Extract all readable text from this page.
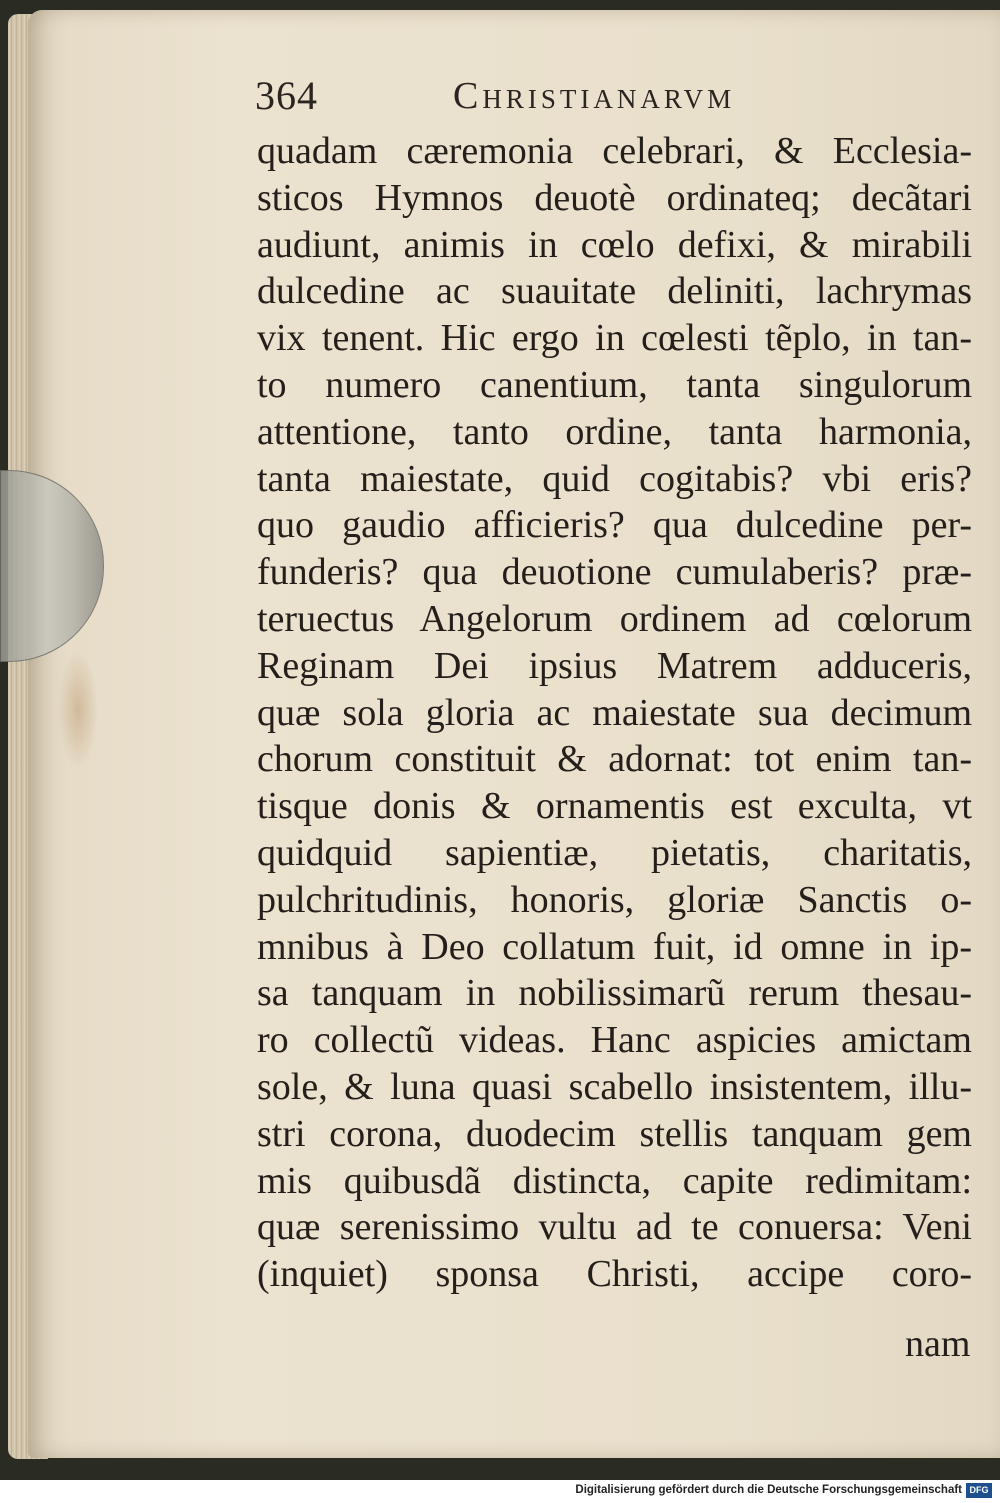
364	Christianarvm
quadam cæremonia celebrari, & Ecclesia-
sticos Hymnos deuotè ordinateq; decãtari
audiunt, animis in cœlo defixi, & mirabili
dulcedine ac suauitate deliniti, lachrymas
vix tenent. Hic ergo in cœlesti tẽplo, in tan-
to numero canentium, tanta singulorum
attentione, tanto ordine, tanta harmonia,
tanta maiestate, quid cogitabis? vbi eris?
quo gaudio afficieris? qua dulcedine per-
funderis? qua deuotione cumulaberis? præ-
teruectus Angelorum ordinem ad cœlorum
Reginam Dei ipsius Matrem adduceris,
quæ sola gloria ac maiestate sua decimum
chorum constituit & adornat: tot enim tan-
tisque donis & ornamentis est exculta, vt
quidquid sapientiæ, pietatis, charitatis,
pulchritudinis, honoris, gloriæ Sanctis o-
mnibus à Deo collatum fuit, id omne in ip-
sa tanquam in nobilissimarũ rerum thesau-
ro collectũ videas. Hanc aspicies amictam
sole, & luna quasi scabello insistentem, illu-
stri corona, duodecim stellis tanquam gem
mis quibusdã distincta, capite redimitam:
quæ serenissimo vultu ad te conuersa: Veni
(inquiet) sponsa Christi, accipe coro-
nam
Digitalisierung gefördert durch die Deutsche Forschungsgemeinschaft DFG
